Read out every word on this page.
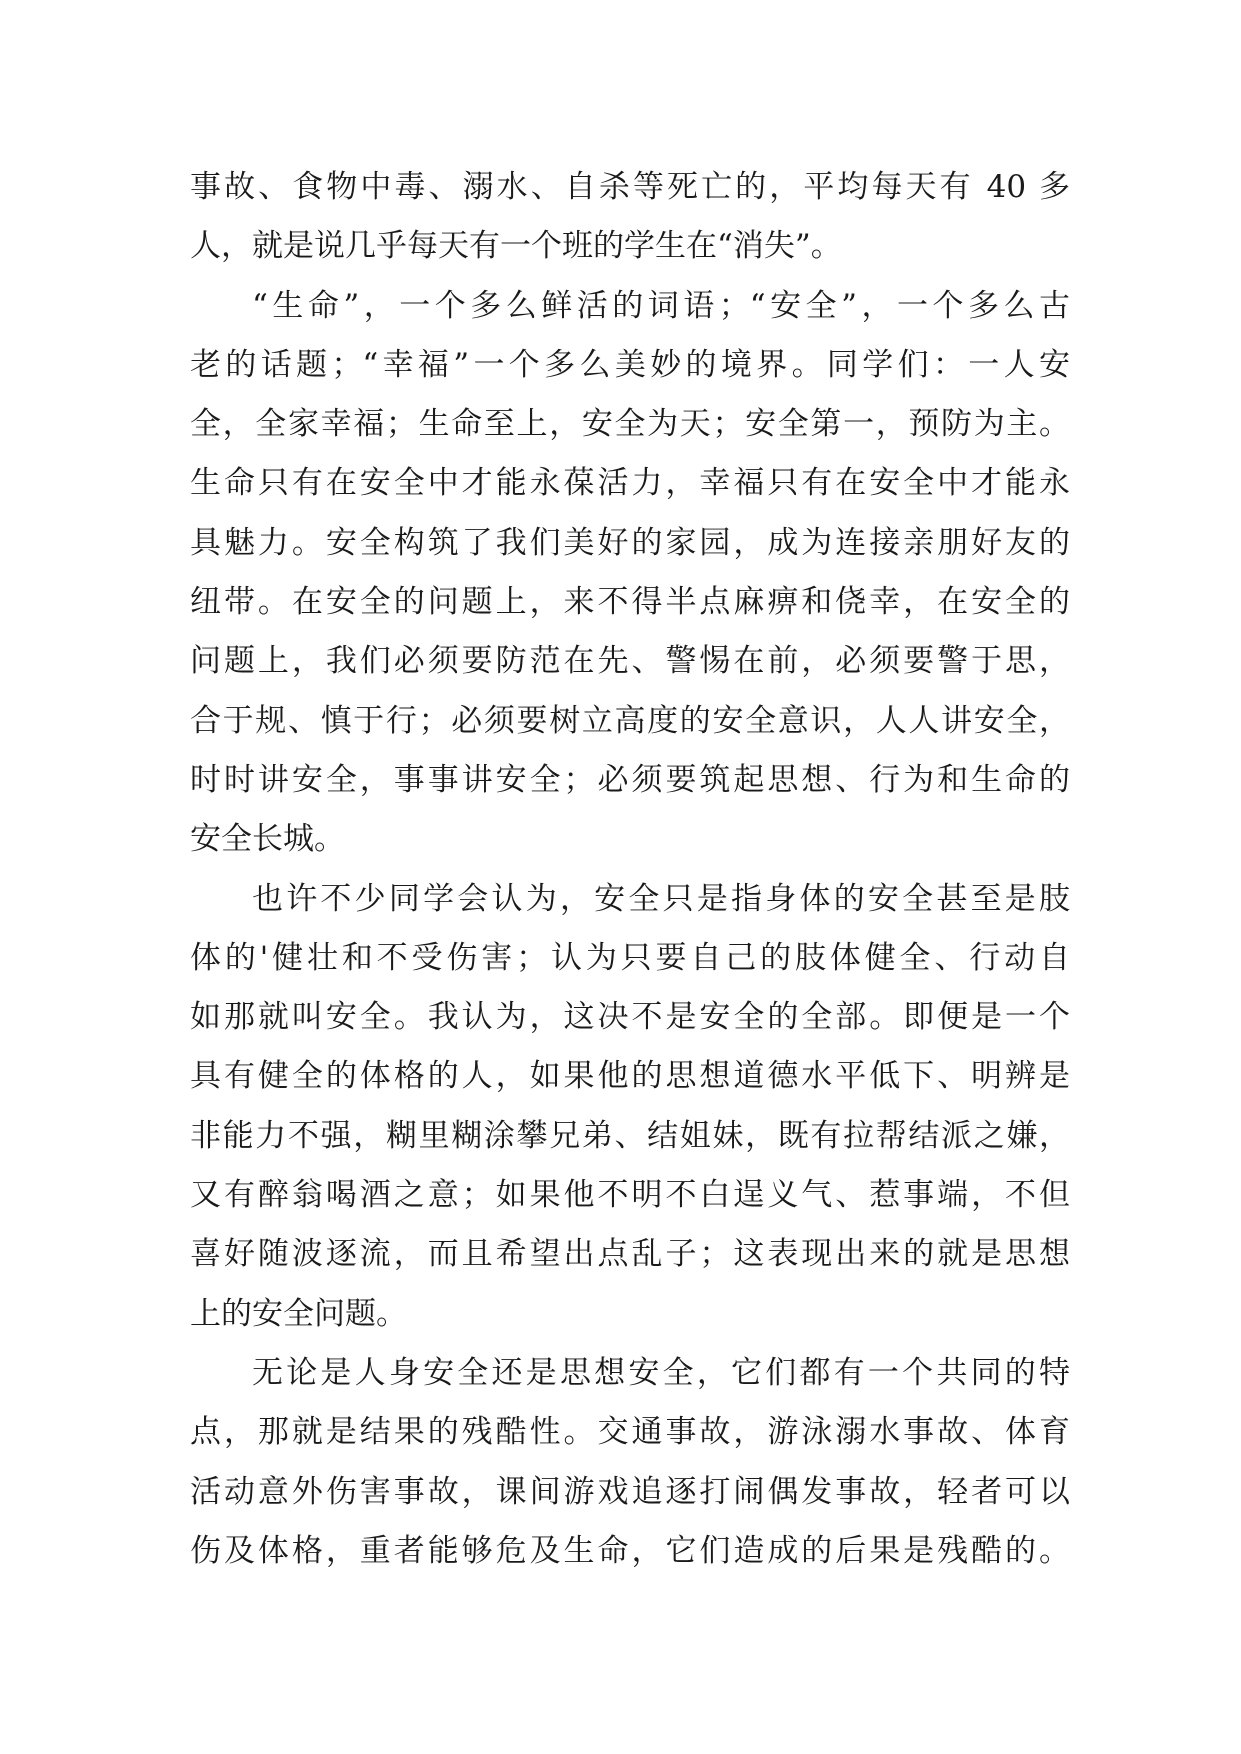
事故、食物中毒、溺水、自杀等死亡的，平均每天有 40 多
人，就是说几乎每天有一个班的学生在“消失”。
“生命”，一个多么鲜活的词语；“安全”，一个多么古
老的话题；“幸福”一个多么美妙的境界。同学们：一人安
全，全家幸福；生命至上，安全为天；安全第一，预防为主。
生命只有在安全中才能永葆活力，幸福只有在安全中才能永
具魅力。安全构筑了我们美好的家园，成为连接亲朋好友的
纽带。在安全的问题上，来不得半点麻痹和侥幸，在安全的
问题上，我们必须要防范在先、警惕在前，必须要警于思，
合于规、慎于行；必须要树立高度的安全意识，人人讲安全，
时时讲安全，事事讲安全；必须要筑起思想、行为和生命的
安全长城。
也许不少同学会认为，安全只是指身体的安全甚至是肢
体的'健壮和不受伤害；认为只要自己的肢体健全、行动自
如那就叫安全。我认为，这决不是安全的全部。即便是一个
具有健全的体格的人，如果他的思想道德水平低下、明辨是
非能力不强，糊里糊涂攀兄弟、结姐妹，既有拉帮结派之嫌，
又有醉翁喝酒之意；如果他不明不白逞义气、惹事端，不但
喜好随波逐流，而且希望出点乱子；这表现出来的就是思想
上的安全问题。
无论是人身安全还是思想安全，它们都有一个共同的特
点，那就是结果的残酷性。交通事故，游泳溺水事故、体育
活动意外伤害事故，课间游戏追逐打闹偶发事故，轻者可以
伤及体格，重者能够危及生命，它们造成的后果是残酷的。
